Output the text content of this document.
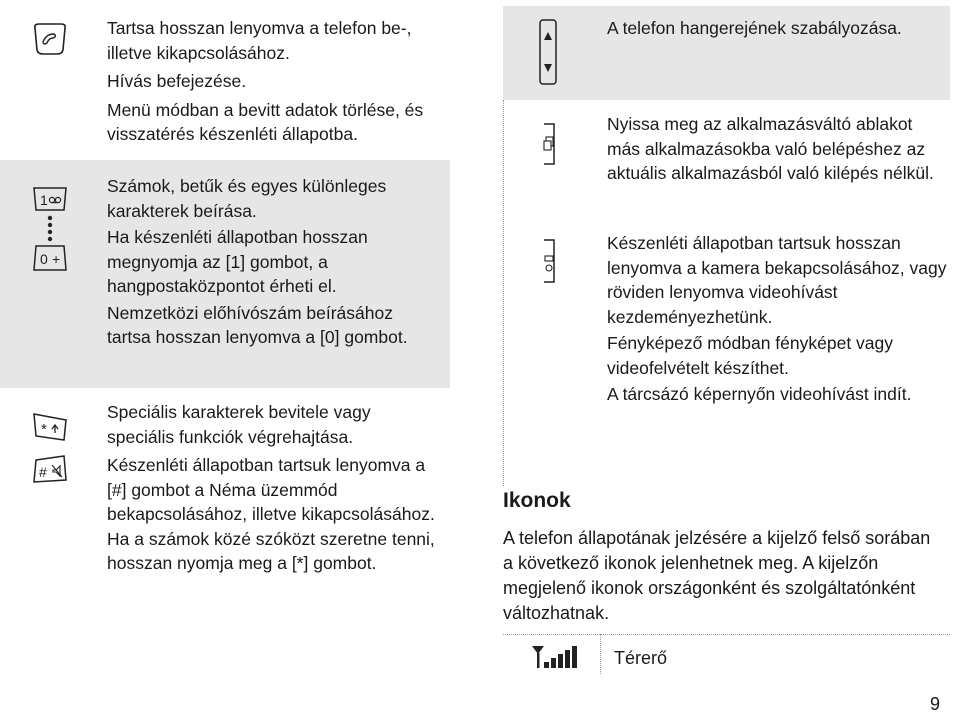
Tartsa hosszan lenyomva a telefon be-, illetve kikapcsolásához.

Hívás befejezése.

Menü módban a bevitt adatok törlése, és visszatérés készenléti állapotba.

1
0 +

Számok, betűk és egyes különleges karakterek beírása.

Ha készenléti állapotban hosszan megnyomja az [1] gombot, a hangpostaközpontot érheti el.

Nemzetközi előhívószám beírásához tartsa hosszan lenyomva a [0] gombot.

*
#

Speciális karakterek bevitele vagy speciális funkciók végrehajtása.

Készenléti állapotban tartsuk lenyomva a [#] gombot a Néma üzemmód bekapcsolásához, illetve kikapcsolásához. Ha a számok közé szóközt szeretne tenni, hosszan nyomja meg a [*] gombot.

A telefon hangerejének szabályozása.
Nyissa meg az alkalmazásváltó ablakot más alkalmazásokba való belépéshez az aktuális alkalmazásból való kilépés nélkül.

Készenléti állapotban tartsuk hosszan lenyomva a kamera bekapcsolásához, vagy röviden lenyomva videohívást kezdeményezhetünk.

Fényképező módban fényképet vagy videofelvételt készíthet.

A tárcsázó képernyőn videohívást indít.

Ikonok
A telefon állapotának jelzésére a kijelző felső sorában a következő ikonok jelenhetnek meg. A kijelzőn megjelenő ikonok országonként és szolgáltatónként változhatnak.
Térerő
9
